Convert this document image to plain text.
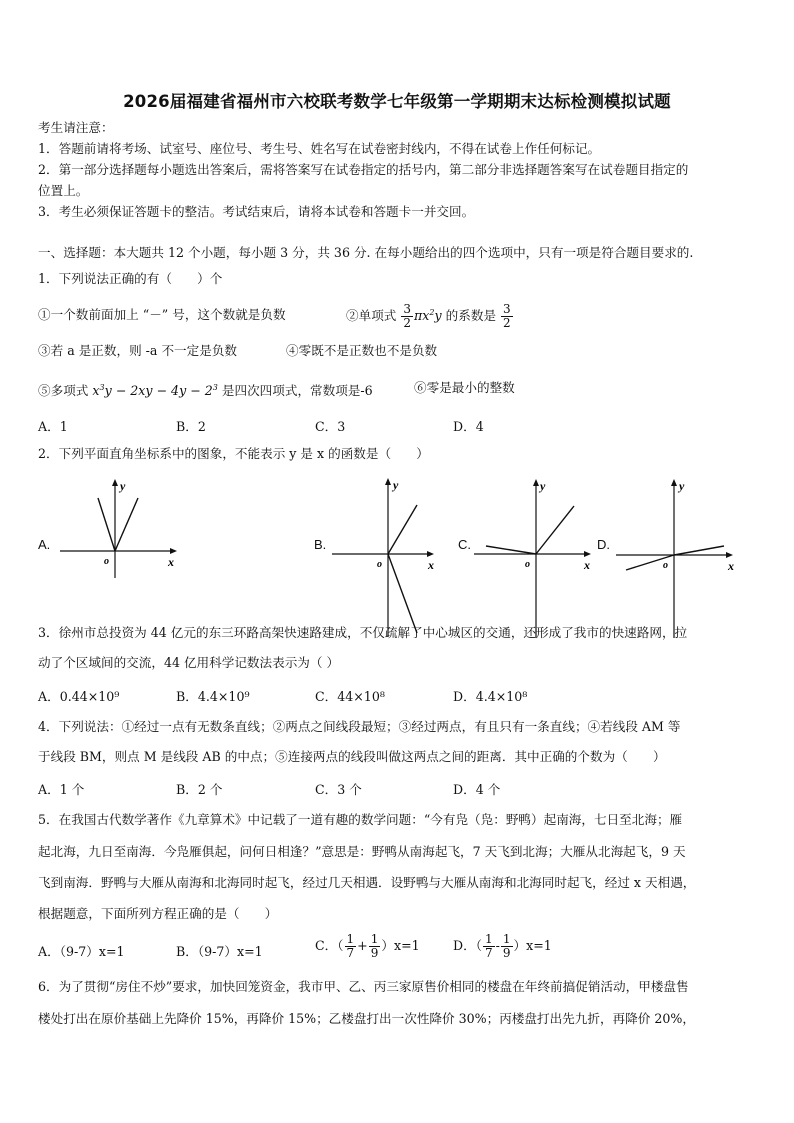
2026届福建省福州市六校联考数学七年级第一学期期末达标检测模拟试题
考生请注意：
1．答题前请将考场、试室号、座位号、考生号、姓名写在试卷密封线内，不得在试卷上作任何标记。
2．第一部分选择题每小题选出答案后，需将答案写在试卷指定的括号内，第二部分非选择题答案写在试卷题目指定的
位置上。
3．考生必须保证答题卡的整洁。考试结束后，请将本试卷和答题卡一并交回。
一、选择题：本大题共 12 个小题，每小题 3 分，共 36 分. 在每小题给出的四个选项中，只有一项是符合题目要求的.
1．下列说法正确的有（　　）个
①一个数前面加上 “－” 号，这个数就是负数	②单项式 $\frac{3}{2} \pi x^2y$ 的系数是 $\frac{3}{2}$
③若 a 是正数，则 -a 不一定是负数	④零既不是正数也不是负数
⑤多项式 $x^3y - 2xy - 4y - 2^3$ 是四次四项式，常数项是-6	⑥零是最小的整数
A．1	B．2	C．3	D．4
2．下列平面直角坐标系中的图象，不能表示 y 是 x 的函数是（　　）
A.
y
x
o
B.
y
x
o
C.
y
x
o
D.
y
x
o
3．徐州市总投资为 44 亿元的东三环路高架快速路建成，不仅疏解了中心城区的交通，还形成了我市的快速路网，拉
动了个区域间的交流，44 亿用科学记数法表示为（ ）
A．0.44×10⁹	B．4.4×10⁹	C．44×10⁸	D．4.4×10⁸
4．下列说法：①经过一点有无数条直线；②两点之间线段最短；③经过两点，有且只有一条直线；④若线段 AM 等
于线段 BM，则点 M 是线段 AB 的中点；⑤连接两点的线段叫做这两点之间的距离．其中正确的个数为（　　）
A．1 个	B．2 个	C．3 个	D．4 个
5．在我国古代数学著作《九章算术》中记载了一道有趣的数学问题：“今有凫（凫：野鸭）起南海，七日至北海；雁
起北海，九日至南海．今凫雁俱起，问何日相逢？”意思是：野鸭从南海起飞，7 天飞到北海；大雁从北海起飞，9 天
飞到南海．野鸭与大雁从南海和北海同时起飞，经过几天相遇．设野鸭与大雁从南海和北海同时起飞，经过 x 天相遇，
根据题意，下面所列方程正确的是（　　）
A．（9-7）x=1	B．（9-7）x=1	C．（ $\frac{1}{7} + \frac{1}{9} )x=1$	D．（ $\frac{1}{7} - \frac{1}{9} )x=1$
6．为了贯彻“房住不炒”要求，加快回笼资金，我市甲、乙、丙三家原售价相同的楼盘在年终前搞促销活动，甲楼盘售
楼处打出在原价基础上先降价 15%，再降价 15%；乙楼盘打出一次性降价 30%；丙楼盘打出先九折，再降价 20%，
